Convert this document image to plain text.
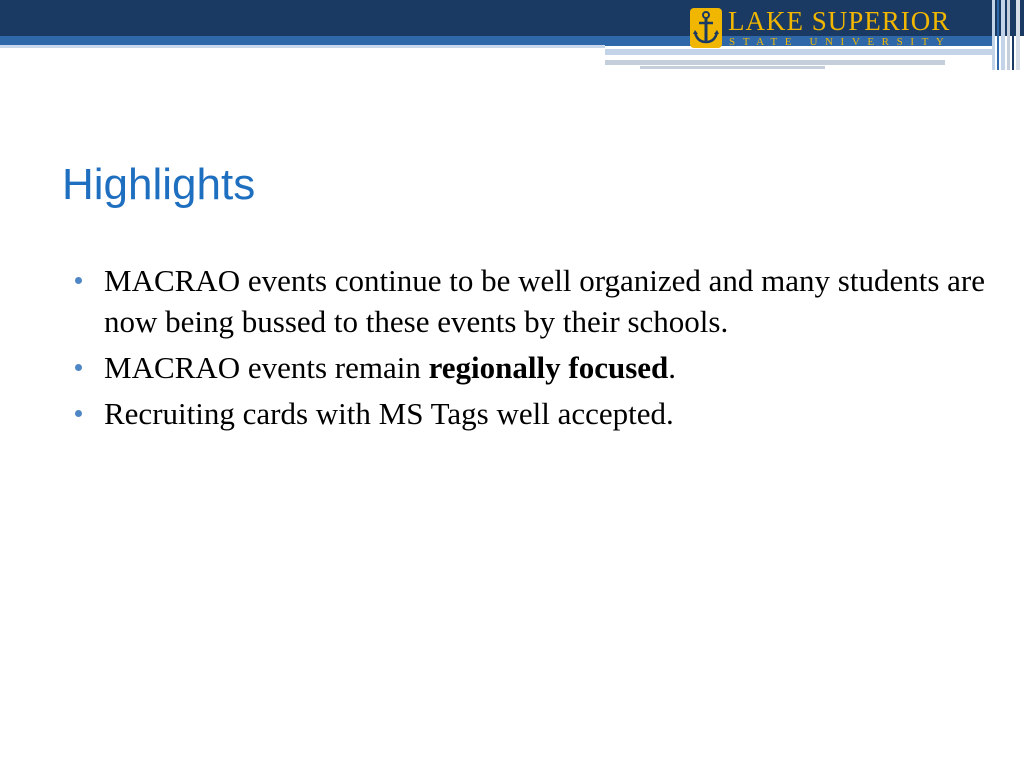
LAKE SUPERIOR
STATE UNIVERSITY
Highlights
MACRAO events continue to be well organized and many students are now being bussed to these events by their schools.
MACRAO events remain regionally focused.
Recruiting cards with MS Tags well accepted.
